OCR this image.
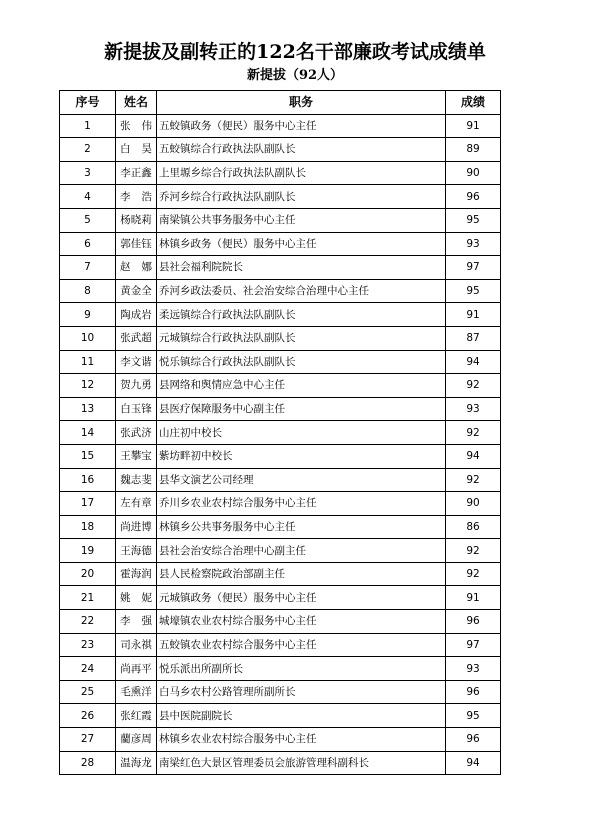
新提拔及副转正的122名干部廉政考试成绩单
新提拔（92人）
序号	姓名	职务	成绩
1	张伟	五蛟镇政务（便民）服务中心主任	91
2	白昊	五蛟镇综合行政执法队副队长	89
3	李正鑫	上里塬乡综合行政执法队副队长	90
4	李浩	乔河乡综合行政执法队副队长	96
5	杨晓莉	南梁镇公共事务服务中心主任	95
6	郭佳钰	林镇乡政务（便民）服务中心主任	93
7	赵娜	县社会福利院院长	97
8	黄金全	乔河乡政法委员、社会治安综合治理中心主任	95
9	陶成岩	柔远镇综合行政执法队副队长	91
10	张武超	元城镇综合行政执法队副队长	87
11	李文谐	悦乐镇综合行政执法队副队长	94
12	贺九勇	县网络和舆情应急中心主任	92
13	白玉锋	县医疗保障服务中心副主任	93
14	张武济	山庄初中校长	92
15	王攀宝	紫坊畔初中校长	94
16	魏志斐	县华文演艺公司经理	92
17	左有章	乔川乡农业农村综合服务中心主任	90
18	尚进博	林镇乡公共事务服务中心主任	86
19	王海德	县社会治安综合治理中心副主任	92
20	霍海润	县人民检察院政治部副主任	92
21	姚妮	元城镇政务（便民）服务中心主任	91
22	李强	城壕镇农业农村综合服务中心主任	96
23	司永祺	五蛟镇农业农村综合服务中心主任	97
24	尚再平	悦乐派出所副所长	93
25	毛熏洋	白马乡农村公路管理所副所长	96
26	张红霞	县中医院副院长	95
27	藺彦周	林镇乡农业农村综合服务中心主任	96
28	温海龙	南梁红色大景区管理委员会旅游管理科副科长	94
